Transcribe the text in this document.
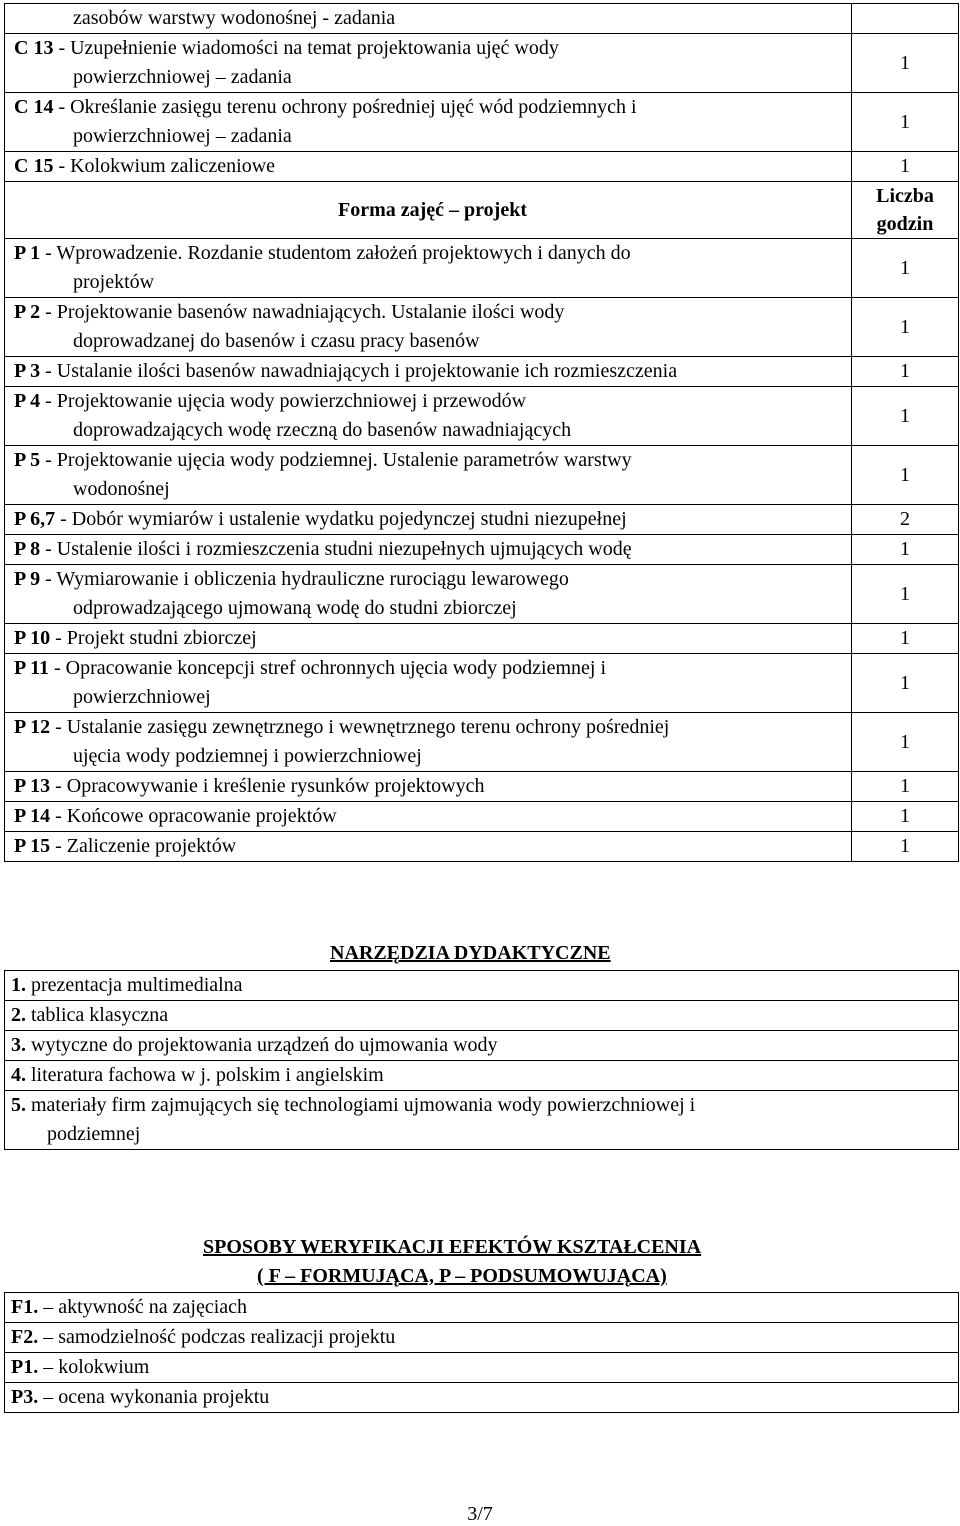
zasobów warstwy wodonośnej - zadania	
C 13 - Uzupełnienie wiadomości na temat projektowania ujęć wody
powierzchniowej – zadania	1
C 14 - Określanie zasięgu terenu ochrony pośredniej ujęć wód podziemnych i
powierzchniowej – zadania	1
C 15 - Kolokwium zaliczeniowe	1
Forma zajęć – projekt	Liczba
godzin
P 1 - Wprowadzenie. Rozdanie studentom założeń projektowych i danych do
projektów	1
P 2 - Projektowanie basenów nawadniających. Ustalanie ilości wody
doprowadzanej do basenów i czasu pracy basenów	1
P 3 - Ustalanie ilości basenów nawadniających i projektowanie ich rozmieszczenia	1
P 4 - Projektowanie ujęcia wody powierzchniowej i przewodów
doprowadzających wodę rzeczną do basenów nawadniających	1
P 5 - Projektowanie ujęcia wody podziemnej. Ustalenie parametrów warstwy
wodonośnej	1
P 6,7 - Dobór wymiarów i ustalenie wydatku pojedynczej studni niezupełnej	2
P 8 - Ustalenie ilości i rozmieszczenia studni niezupełnych ujmujących wodę	1
P 9 - Wymiarowanie i obliczenia hydrauliczne rurociągu lewarowego
odprowadzającego ujmowaną wodę do studni zbiorczej	1
P 10 - Projekt studni zbiorczej	1
P 11 - Opracowanie koncepcji stref ochronnych ujęcia wody podziemnej i
powierzchniowej	1
P 12 - Ustalanie zasięgu zewnętrznego i wewnętrznego terenu ochrony pośredniej
ujęcia wody podziemnej i powierzchniowej	1
P 13 - Opracowywanie i kreślenie rysunków projektowych	1
P 14 - Końcowe opracowanie projektów	1
P 15 - Zaliczenie projektów	1
NARZĘDZIA DYDAKTYCZNE
1. prezentacja multimedialna
2. tablica klasyczna
3. wytyczne do projektowania urządzeń do ujmowania wody
4. literatura fachowa w j. polskim i angielskim
5. materiały firm zajmujących się technologiami ujmowania wody powierzchniowej i
podziemnej
SPOSOBY WERYFIKACJI EFEKTÓW KSZTAŁCENIA
( F – FORMUJĄCA, P – PODSUMOWUJĄCA)
F1. – aktywność na zajęciach
F2. – samodzielność podczas realizacji projektu
P1. – kolokwium
P3. – ocena wykonania projektu
3/7
